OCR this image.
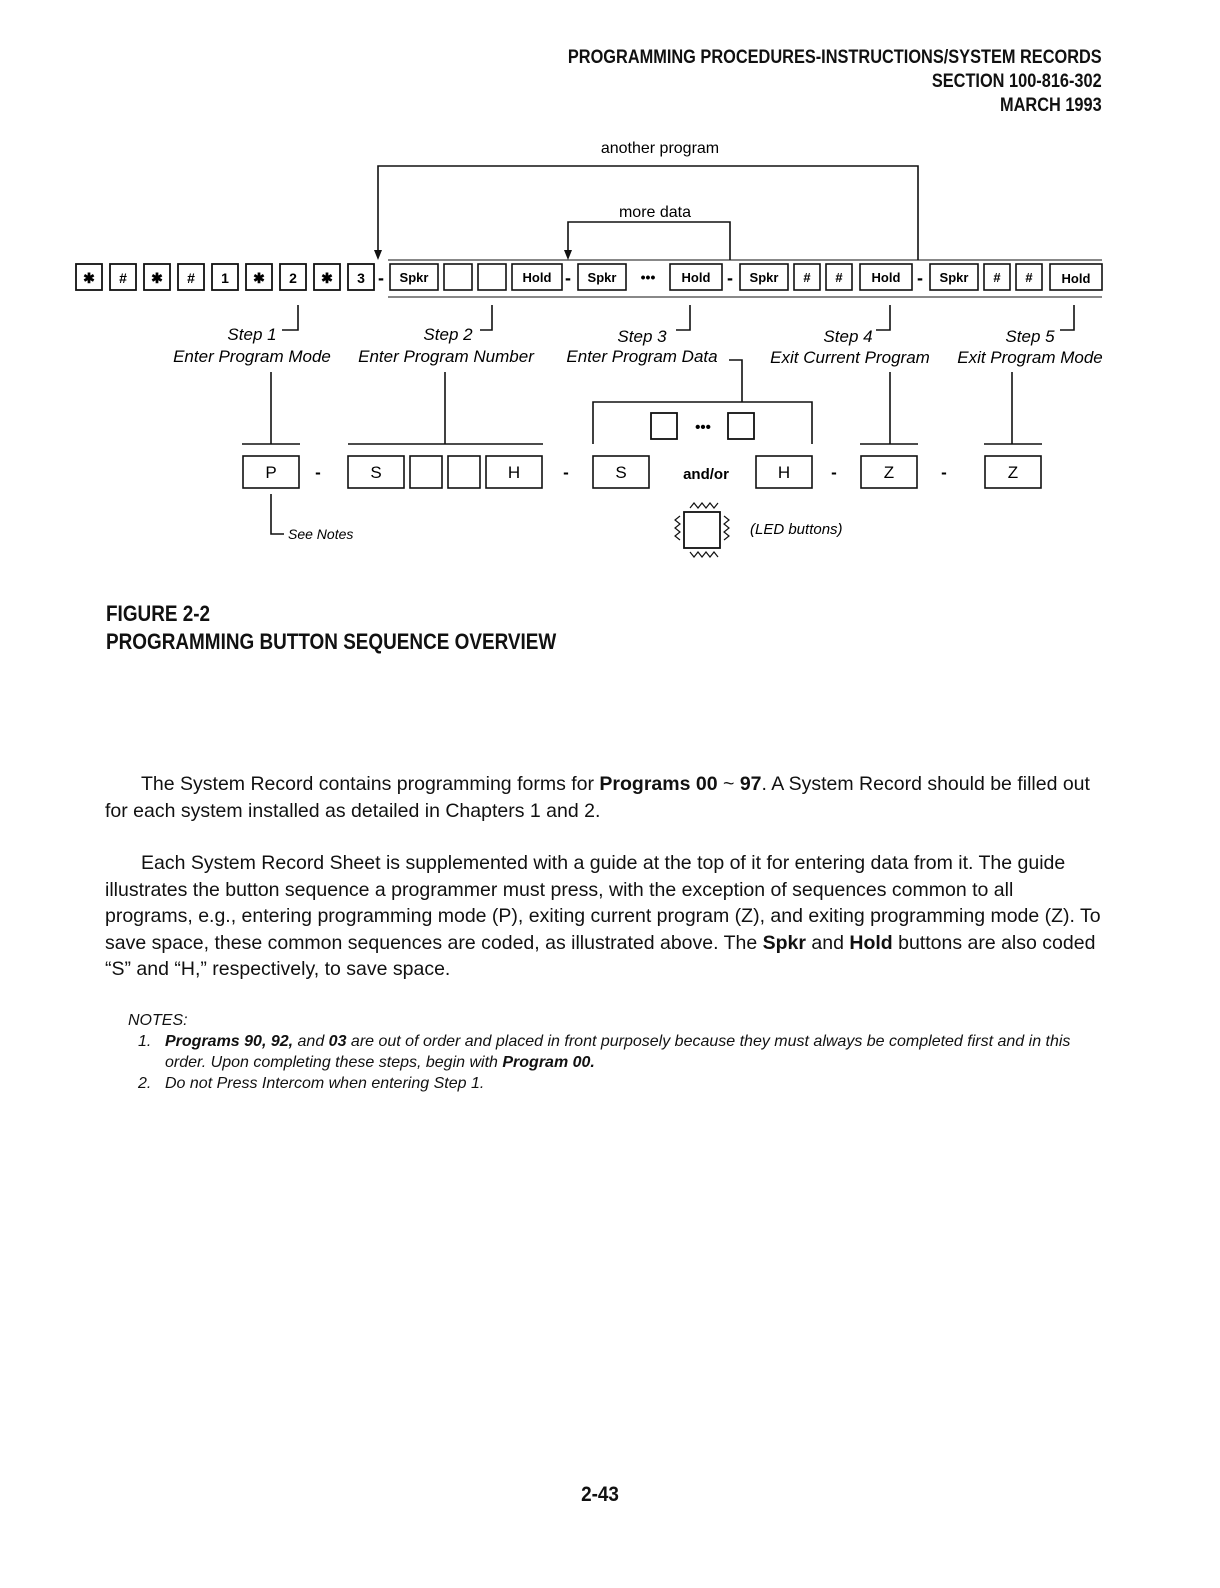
PROGRAMMING PROCEDURES-INSTRUCTIONS/SYSTEM RECORDS
SECTION 100-816-302
MARCH 1993
another program
more data
✱ # ✱ # 1 ✱ 2 ✱ 3 -	-	-	-
Spkr	Hold	Spkr ••• Hold	Spkr # # Hold	Spkr # # Hold
Step 1
Enter Program Mode
Step 2
Enter Program Number
Step 3
Enter Program Data
Step 4
Exit Current Program
Step 5
Exit Program Mode
•••
P -	S	H	-	S	and/or	H -	Z	-	Z
See Notes	(LED buttons)
FIGURE 2-2
PROGRAMMING BUTTON SEQUENCE OVERVIEW
The System Record contains programming forms for Programs 00 ~ 97. A System Record should be filled out for each system installed as detailed in Chapters 1 and 2.
Each System Record Sheet is supplemented with a guide at the top of it for entering data from it. The guide illustrates the button sequence a programmer must press, with the exception of sequences common to all programs, e.g., entering programming mode (P), exiting current program (Z), and exiting programming mode (Z). To save space, these common sequences are coded, as illustrated above. The Spkr and Hold buttons are also coded “S” and “H,” respectively, to save space.
NOTES:
1. Programs 90, 92, and 03 are out of order and placed in front purposely because they must always be completed first and in this order. Upon completing these steps, begin with Program 00.
2. Do not Press Intercom when entering Step 1.
2-43
